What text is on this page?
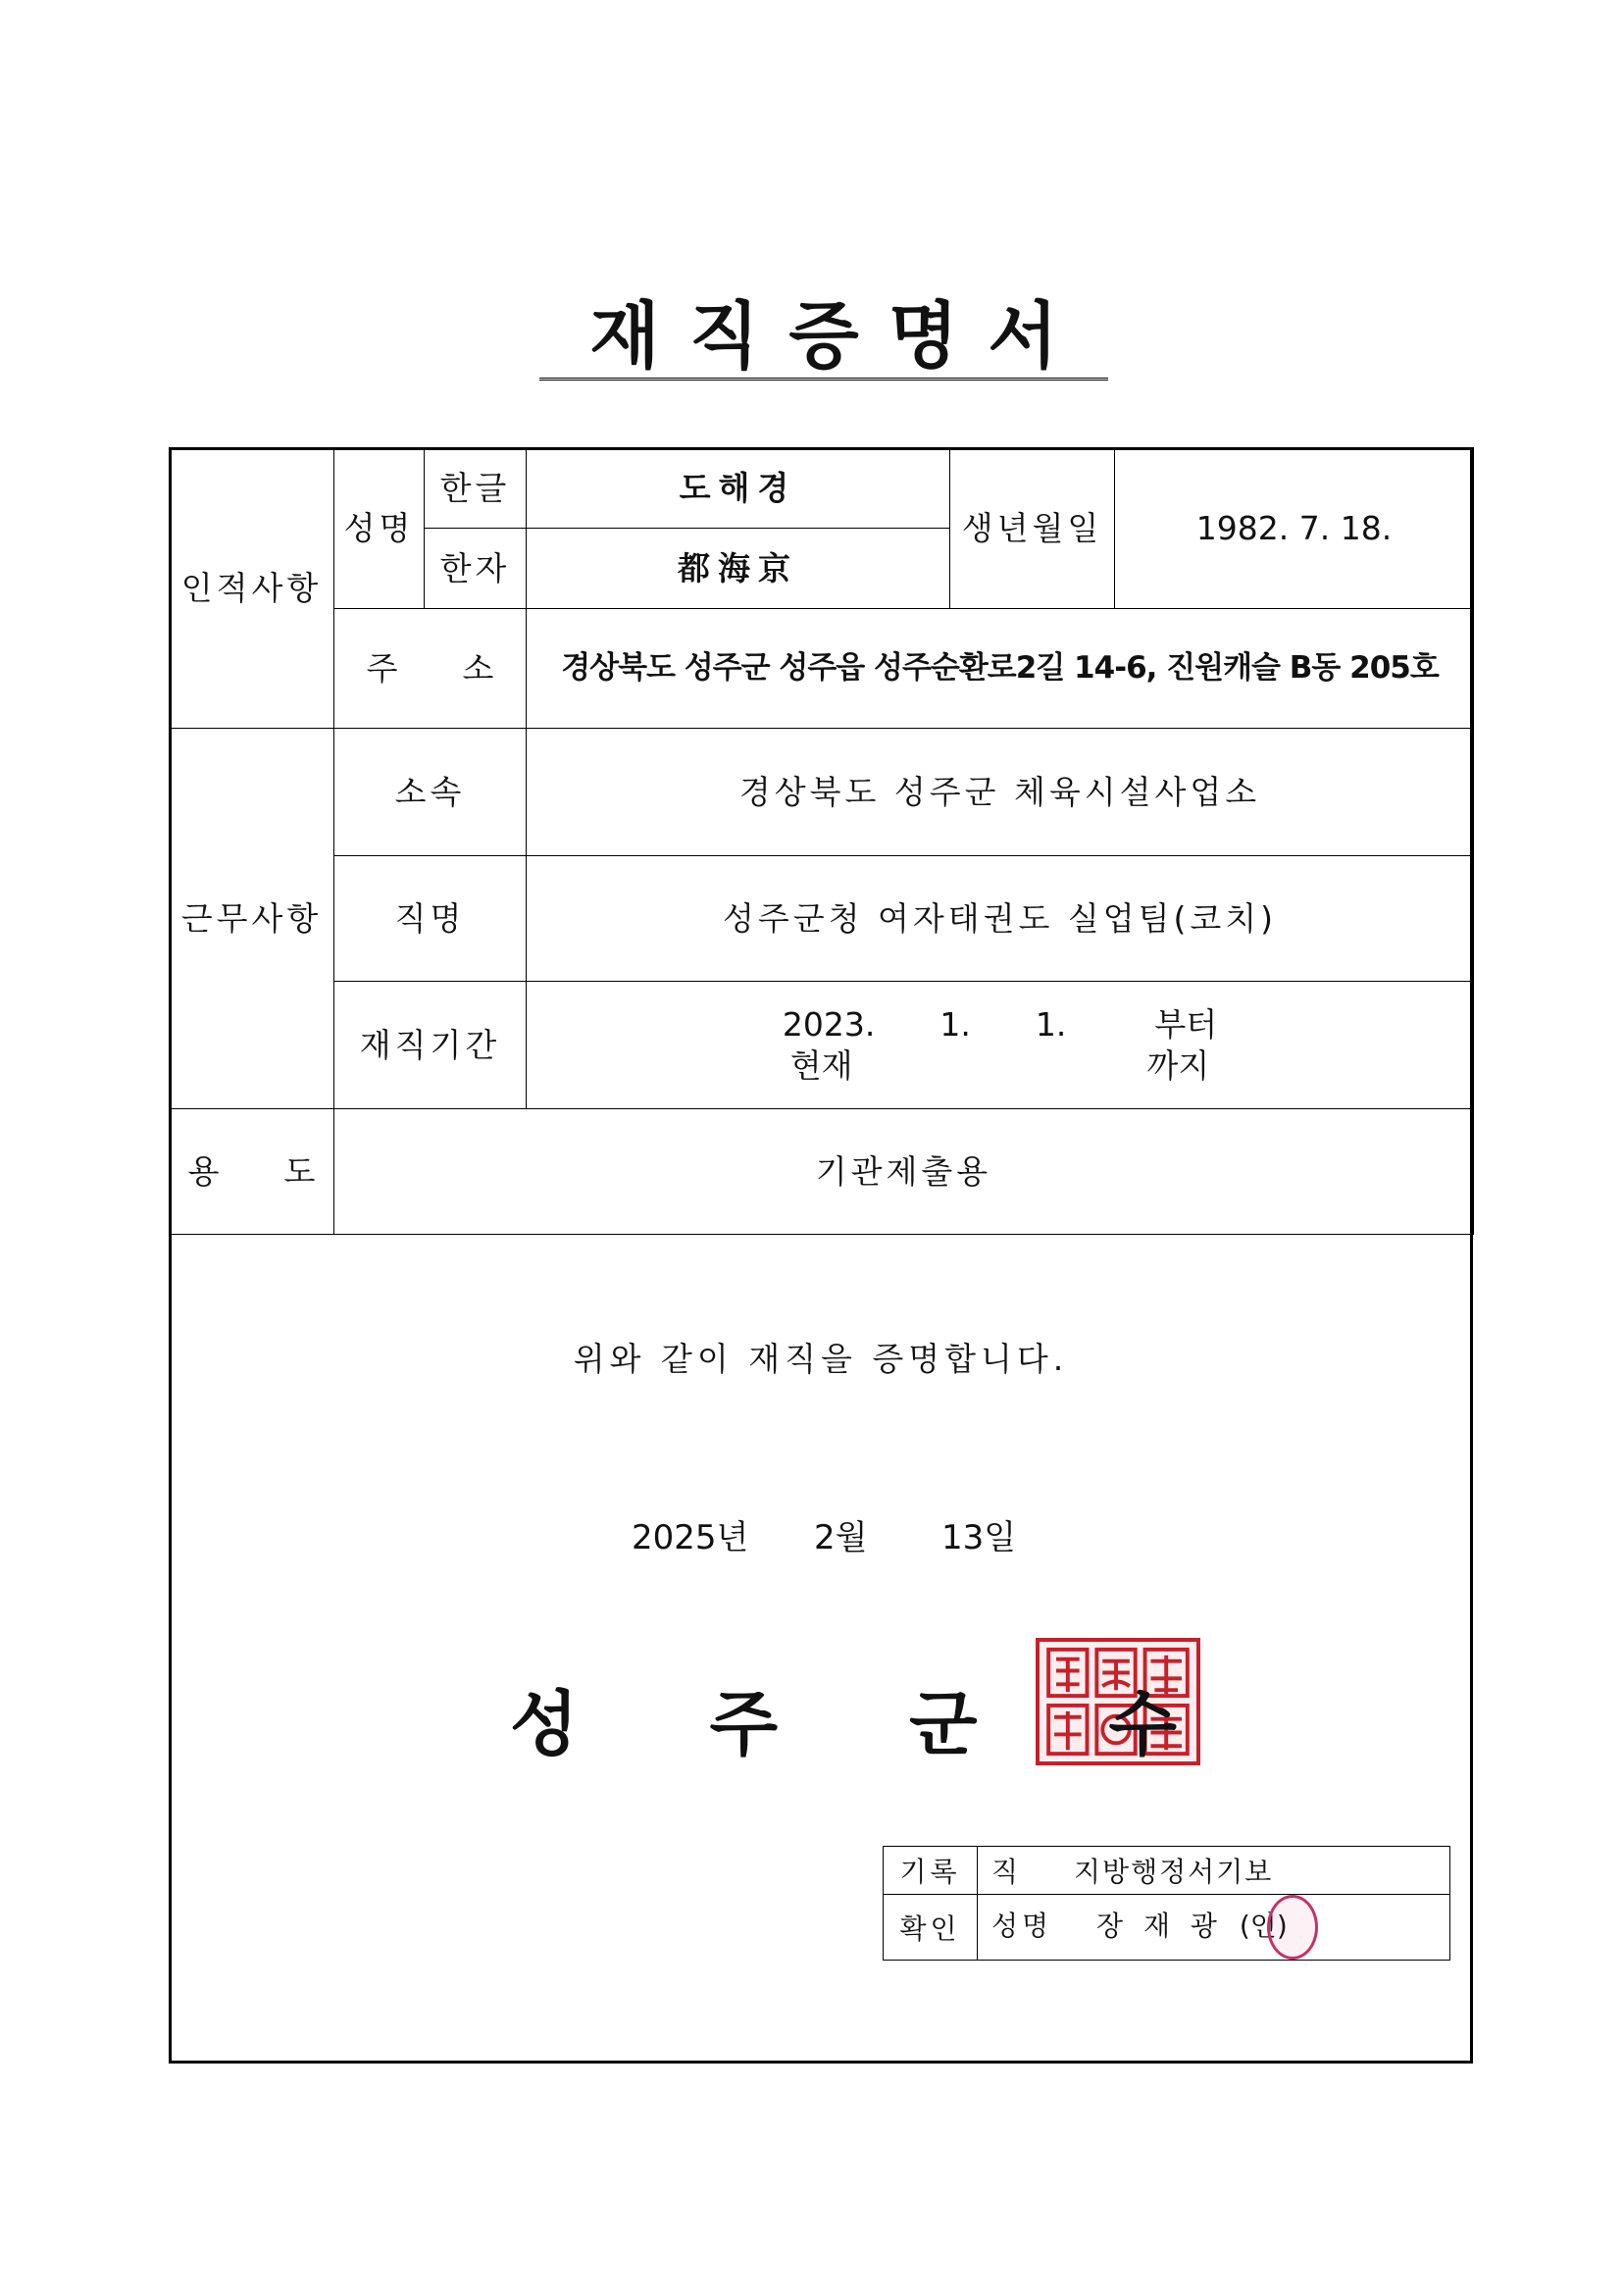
재직증명서
인적사항	성명	한글	도해경	생년월일	1982. 7. 18.
		한자	都海京		
	주　　소		경상북도 성주군 성주읍 성주순환로2길 14-6, 진원캐슬 B동 205호		
근무사항	소속		경상북도 성주군 체육시설사업소		
	직명		성주군청 여자태권도 실업팀(코치)		
	재직기간		2023.　　1.　　1. 부터
현재 까지		

용　　도	기관제출용				
위와 같이 재직을 증명합니다.
2025년 2월 13일
성 주 군 수
기록	직 지방행정서기보
확인	성명 장 재 광 (인)
